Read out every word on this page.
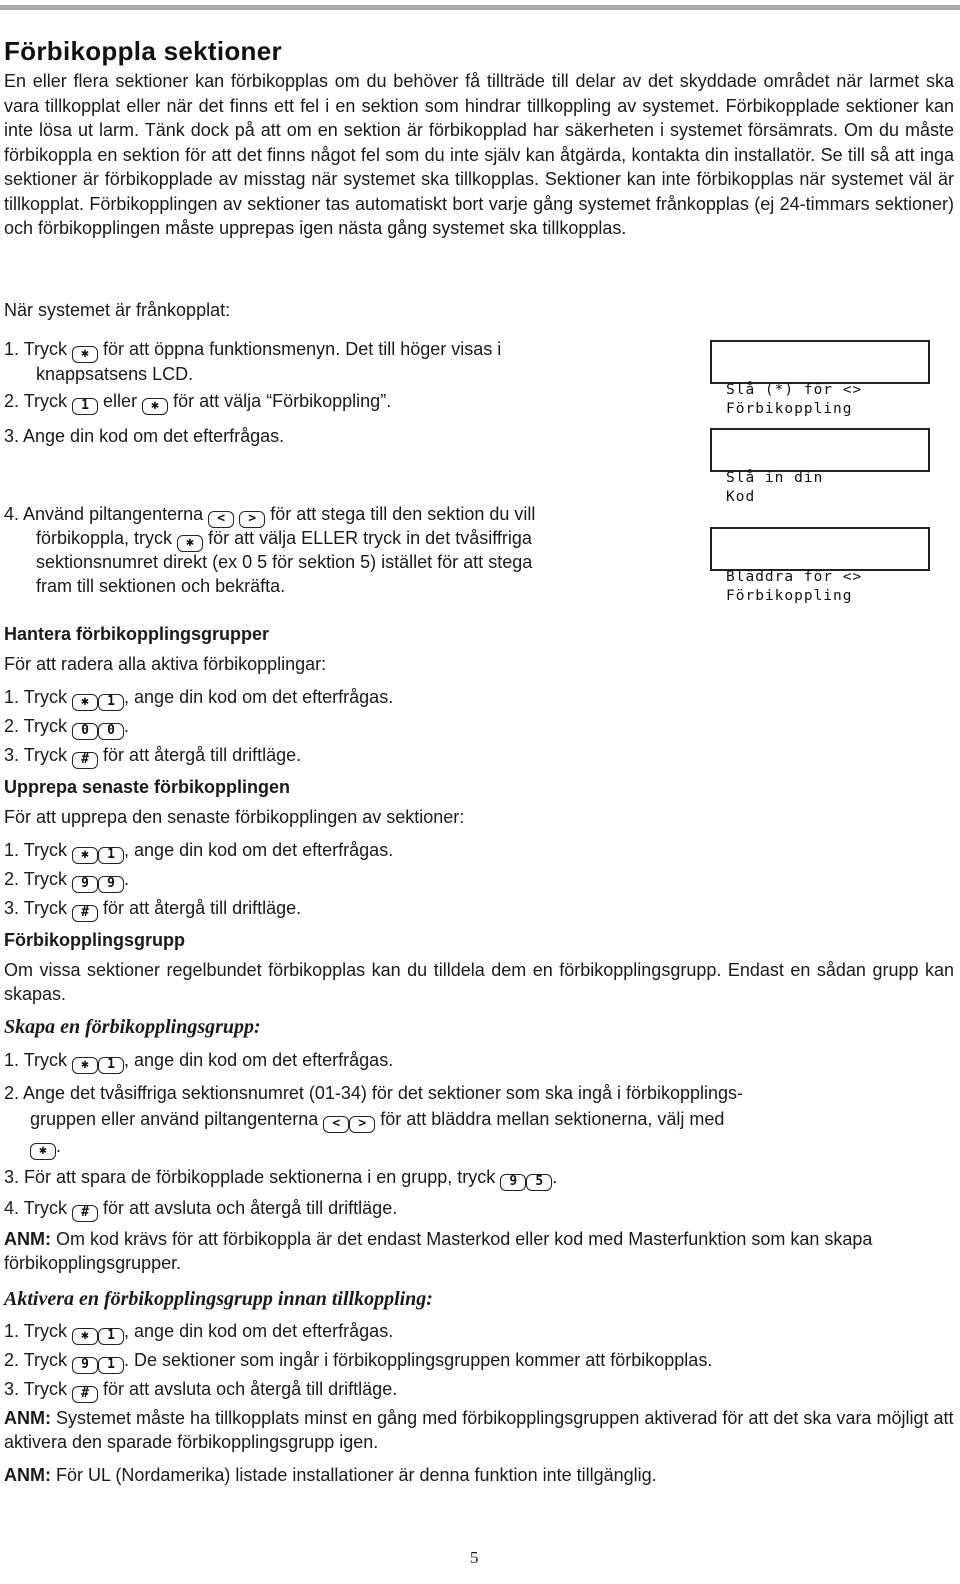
Förbikoppla sektioner
En eller flera sektioner kan förbikopplas om du behöver få tillträde till delar av det skyddade området när larmet ska vara tillkopplat eller när det finns ett fel i en sektion som hindrar tillkoppling av systemet. Förbikopplade sektioner kan inte lösa ut larm. Tänk dock på att om en sektion är förbikopplad har säkerheten i systemet försämrats. Om du måste förbikoppla en sektion för att det finns något fel som du inte själv kan åtgärda, kontakta din installatör. Se till så att inga sektioner är förbikopplade av misstag när systemet ska tillkopplas. Sektioner kan inte förbikopplas när systemet väl är tillkopplat. Förbikopplingen av sektioner tas automatiskt bort varje gång systemet frånkopplas (ej 24-timmars sektioner) och förbikopplingen måste upprepas igen nästa gång systemet ska tillkopplas.
När systemet är frånkopplat:
1. Tryck ✱ för att öppna funktionsmenyn. Det till höger visas i
knappsatsens LCD.
2. Tryck 1 eller ✱ för att välja “Förbikoppling”.
3. Ange din kod om det efterfrågas.
4. Använd piltangenterna < > för att stega till den sektion du vill
förbikoppla, tryck ✱ för att välja ELLER tryck in det tvåsiffriga
sektionsnumret direkt (ex 0 5 för sektion 5) istället för att stega
fram till sektionen och bekräfta.

Slå (*) för <>
Förbikoppling

Slå in din
Kod

Bläddra för <>
Förbikoppling

Hantera förbikopplingsgrupper
För att radera alla aktiva förbikopplingar:
1. Tryck ✱ 1 , ange din kod om det efterfrågas.
2. Tryck 0 0 .
3. Tryck # för att återgå till driftläge.
Upprepa senaste förbikopplingen
För att upprepa den senaste förbikopplingen av sektioner:
1. Tryck ✱ 1 , ange din kod om det efterfrågas.
2. Tryck 9 9 .
3. Tryck # för att återgå till driftläge.
Förbikopplingsgrupp
Om vissa sektioner regelbundet förbikopplas kan du tilldela dem en förbikopplingsgrupp. Endast en sådan grupp kan skapas.
Skapa en förbikopplingsgrupp:
1. Tryck ✱ 1 , ange din kod om det efterfrågas.
2. Ange det tvåsiffriga sektionsnumret (01-34) för det sektioner som ska ingå i förbikopplings-
gruppen eller använd piltangenterna < > för att bläddra mellan sektionerna, välj med
✱ .
3. För att spara de förbikopplade sektionerna i en grupp, tryck 9 5 .
4. Tryck # för att avsluta och återgå till driftläge.
ANM: Om kod krävs för att förbikoppla är det endast Masterkod eller kod med Masterfunktion som kan skapa förbikopplingsgrupper.
Aktivera en förbikopplingsgrupp innan tillkoppling:
1. Tryck ✱ 1 , ange din kod om det efterfrågas.
2. Tryck 9 1 . De sektioner som ingår i förbikopplingsgruppen kommer att förbikopplas.
3. Tryck # för att avsluta och återgå till driftläge.
ANM: Systemet måste ha tillkopplats minst en gång med förbikopplingsgruppen aktiverad för att det ska vara möjligt att aktivera den sparade förbikopplingsgrupp igen.
ANM: För UL (Nordamerika) listade installationer är denna funktion inte tillgänglig.
5
